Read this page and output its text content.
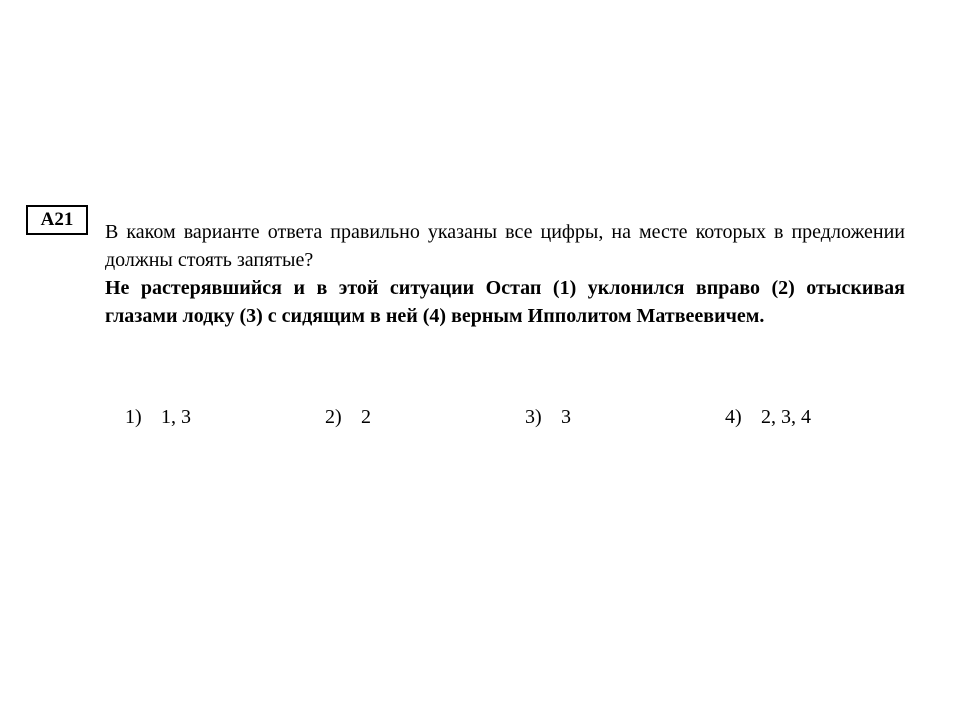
А21
В каком варианте ответа правильно указаны все цифры, на месте которых в предложении должны стоять запятые?
Не растерявшийся и в этой ситуации Остап (1) уклонился вправо (2) отыскивая глазами лодку (3) с сидящим в ней (4) верным Ипполитом Матвеевичем.

1) 1, 3
	2) 2
	3) 3
	4) 2, 3, 4
